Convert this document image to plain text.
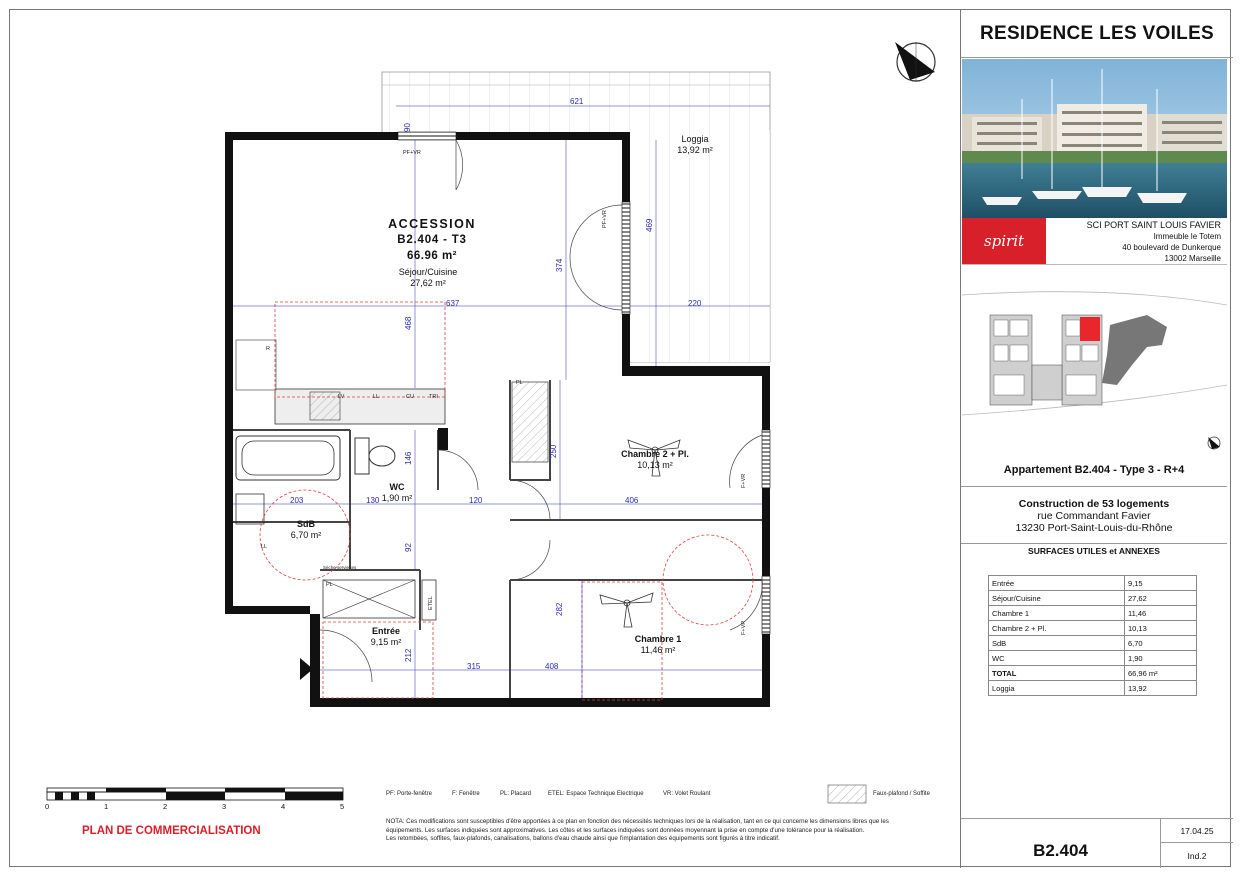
621
90
469
374
637	220
468
250
146
203	130	120	406
92
282
212
315	408
PF+VR
PF+VR
F+VR
F+VR
PL
PL
ETEL
R
LV	LL	CU	TRI
LL
Sèche serviettes
ACCESSION
B2.404 - T3
66.96 m²
Séjour/Cuisine
27,62 m²
Loggia
13,92 m²
Chambre 2 + Pl.
10,13 m²
Chambre 1
11,46 m²
WC
1,90 m²
SdB
6,70 m²
Entrée
9,15 m²
0	1	2	3	4	5
PF: Porte-fenêtre	F: Fenêtre	PL: Placard	ETEL: Espace Technique Electrique	VR: Volet Roulant	Faux-plafond / Soffite
NOTA: Ces modifications sont susceptibles d'être apportées à ce plan en fonction des nécessités techniques lors de la réalisation, tant en ce qui concerne les dimensions libres que les
équipements. Les surfaces indiquées sont approximatives. Les côtes et les surfaces indiquées sont données moyennant la prise en compte d'une tolérance pour la réalisation.
Les retombées, soffites, faux-plafonds, canalisations, ballons d'eau chaude ainsi que l'implantation des équipements sont figurés à titre indicatif.
PLAN DE COMMERCIALISATION
RESIDENCE LES VOILES
spirit
SCI PORT SAINT LOUIS FAVIER
Immeuble le Totem
40 boulevard de Dunkerque
13002 Marseille
Appartement B2.404 - Type 3 - R+4
Construction de 53 logements
rue Commandant Favier
13230 Port-Saint-Louis-du-Rhône
SURFACES UTILES et ANNEXES
Entrée	9,15
Séjour/Cuisine	27,62
Chambre 1	11,46
Chambre 2 + Pl.	10,13
SdB	6,70
WC	1,90
TOTAL	66,96 m²
Loggia	13,92
B2.404
17.04.25
Ind.2
